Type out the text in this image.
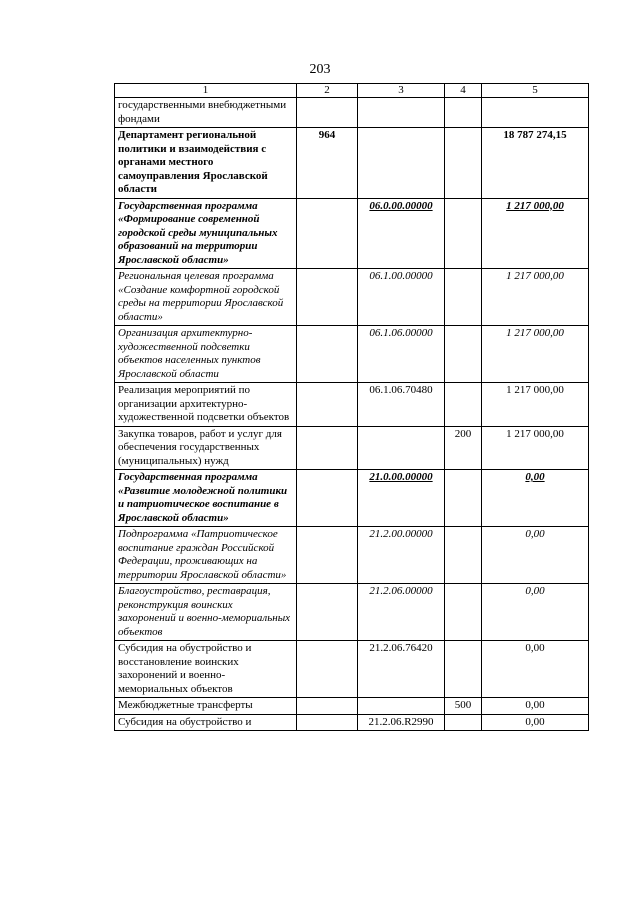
203
1	2	3	4	5
государственными внебюджетными фондами				
Департамент региональной политики и взаимодействия с органами местного самоуправления Ярославской области	964			18 787 274,15
Государственная программа «Формирование современной городской среды муниципальных образований на территории Ярославской области»		06.0.00.00000		1 217 000,00
Региональная целевая программа «Создание комфортной городской среды на территории Ярославской области»		06.1.00.00000		1 217 000,00
Организация архитектурно-художественной подсветки объектов населенных пунктов Ярославской области		06.1.06.00000		1 217 000,00
Реализация мероприятий по организации архитектурно-художественной подсветки объектов		06.1.06.70480		1 217 000,00
Закупка товаров, работ и услуг для обеспечения государственных (муниципальных) нужд			200	1 217 000,00
Государственная программа «Развитие молодежной политики и патриотическое воспитание в Ярославской области»		21.0.00.00000		0,00
Подпрограмма «Патриотическое воспитание граждан Российской Федерации, проживающих на территории Ярославской области»		21.2.00.00000		0,00
Благоустройство, реставрация, реконструкция воинских захоронений и военно-мемориальных объектов		21.2.06.00000		0,00
Субсидия на обустройство и восстановление воинских захоронений и военно-мемориальных объектов		21.2.06.76420		0,00
Межбюджетные трансферты			500	0,00
Субсидия на обустройство и		21.2.06.R2990		0,00
